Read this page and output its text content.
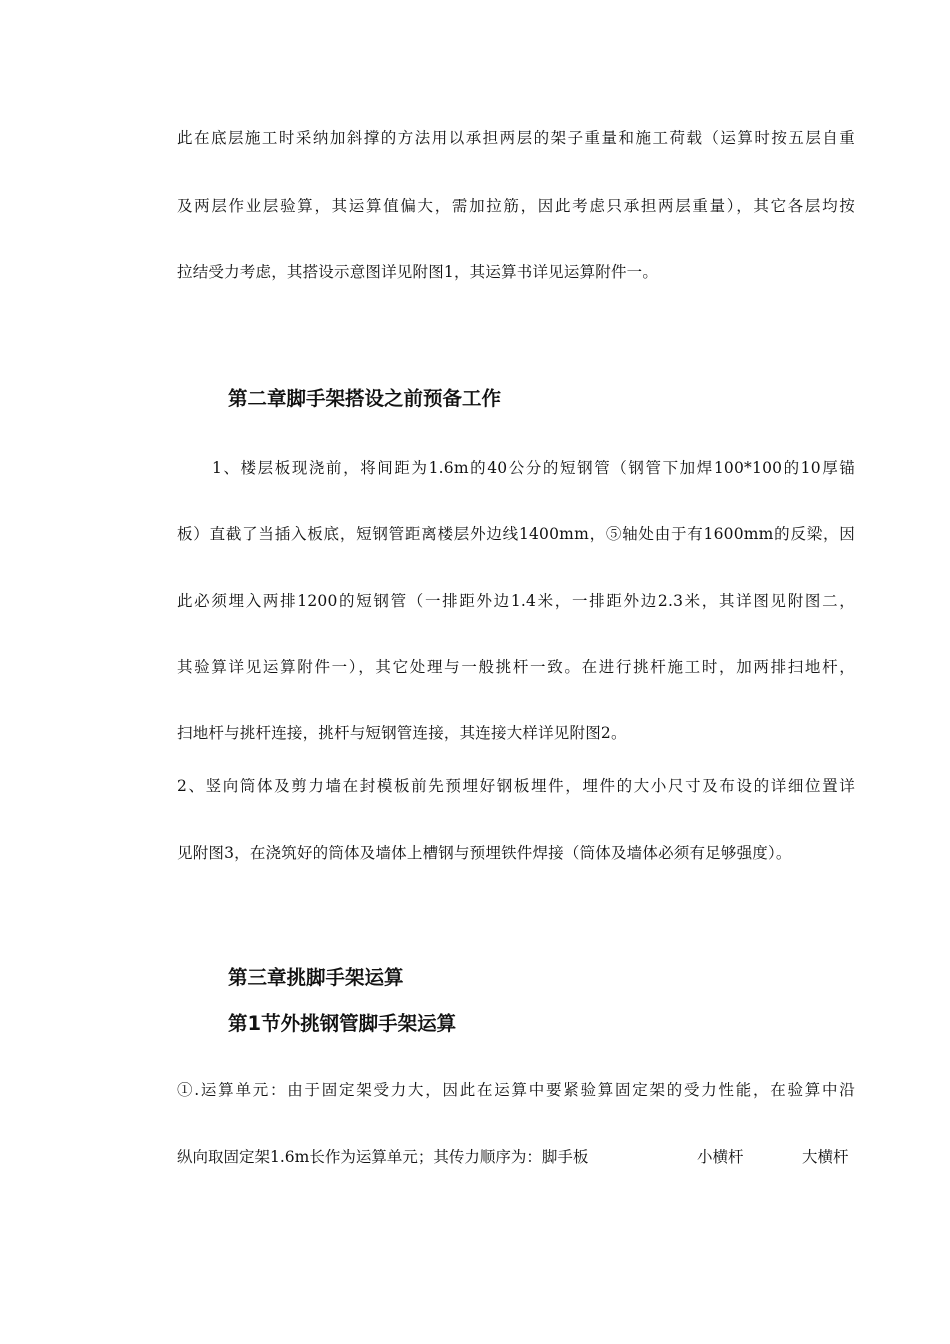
此在底层施工时采纳加斜撑的方法用以承担两层的架子重量和施工荷载（运算时按五层自重
及两层作业层验算，其运算值偏大，需加拉筋，因此考虑只承担两层重量），其它各层均按
拉结受力考虑，其搭设示意图详见附图1，其运算书详见运算附件一。
第二章脚手架搭设之前预备工作
1、楼层板现浇前，将间距为1.6m的40公分的短钢管（钢管下加焊100*100的10厚锚
板）直截了当插入板底，短钢管距离楼层外边线1400mm，⑤轴处由于有1600mm的反梁，因
此必须埋入两排1200的短钢管（一排距外边1.4米，一排距外边2.3米，其详图见附图二，
其验算详见运算附件一），其它处理与一般挑杆一致。在进行挑杆施工时，加两排扫地杆，
扫地杆与挑杆连接，挑杆与短钢管连接，其连接大样详见附图2。
2、竖向筒体及剪力墙在封模板前先预埋好钢板埋件，埋件的大小尺寸及布设的详细位置详
见附图3，在浇筑好的筒体及墙体上槽钢与预埋铁件焊接（筒体及墙体必须有足够强度）。
第三章挑脚手架运算
第1节外挑钢管脚手架运算
①.运算单元：由于固定架受力大，因此在运算中要紧验算固定架的受力性能，在验算中沿
纵向取固定架1.6m长作为运算单元；其传力顺序为：脚手板	小横杆	大横杆
